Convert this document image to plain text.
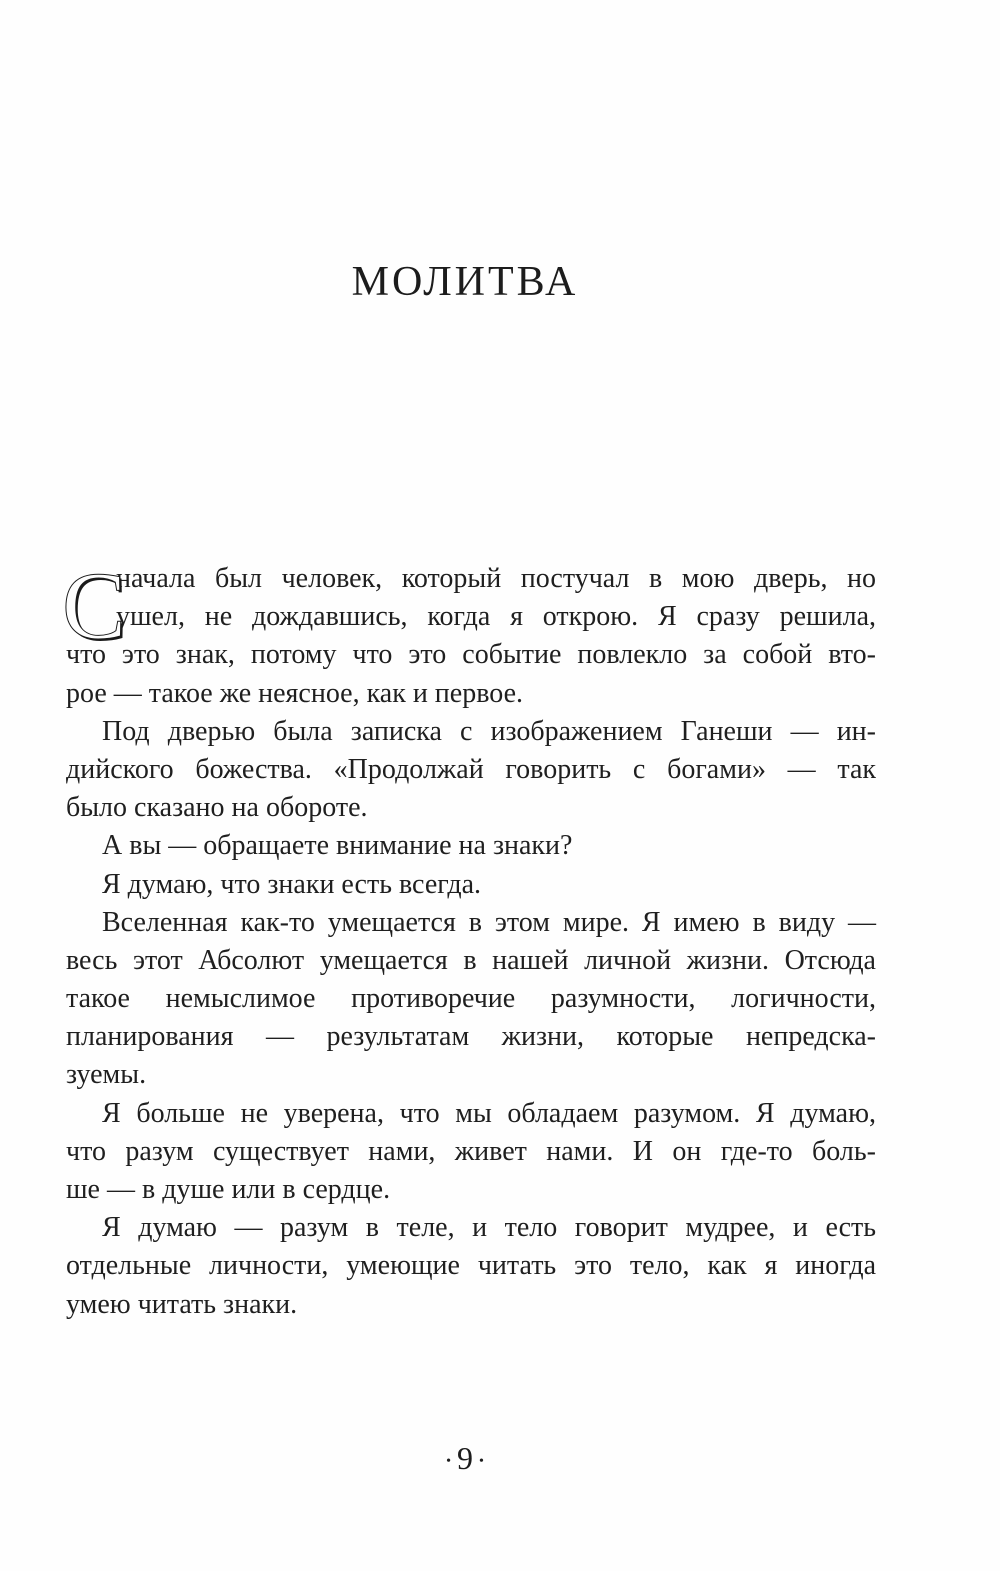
МОЛИТВА
С
начала был человек, который постучал в мою дверь, но
ушел, не дождавшись, когда я открою. Я сразу решила,
что это знак, потому что это событие повлекло за собой вто-
рое — такое же неясное, как и первое.
Под дверью была записка с изображением Ганеши — ин-
дийского божества. «Продолжай говорить с богами» — так
было сказано на обороте.
А вы — обращаете внимание на знаки?
Я думаю, что знаки есть всегда.
Вселенная как-то умещается в этом мире. Я имею в виду —
весь этот Абсолют умещается в нашей личной жизни. Отсюда
такое немыслимое противоречие разумности, логичности,
планирования — результатам жизни, которые непредска-
зуемы.
Я больше не уверена, что мы обладаем разумом. Я думаю,
что разум существует нами, живет нами. И он где-то боль-
ше — в душе или в сердце.
Я думаю — разум в теле, и тело говорит мудрее, и есть
отдельные личности, умеющие читать это тело, как я иногда
умею читать знаки.
• 9 •
